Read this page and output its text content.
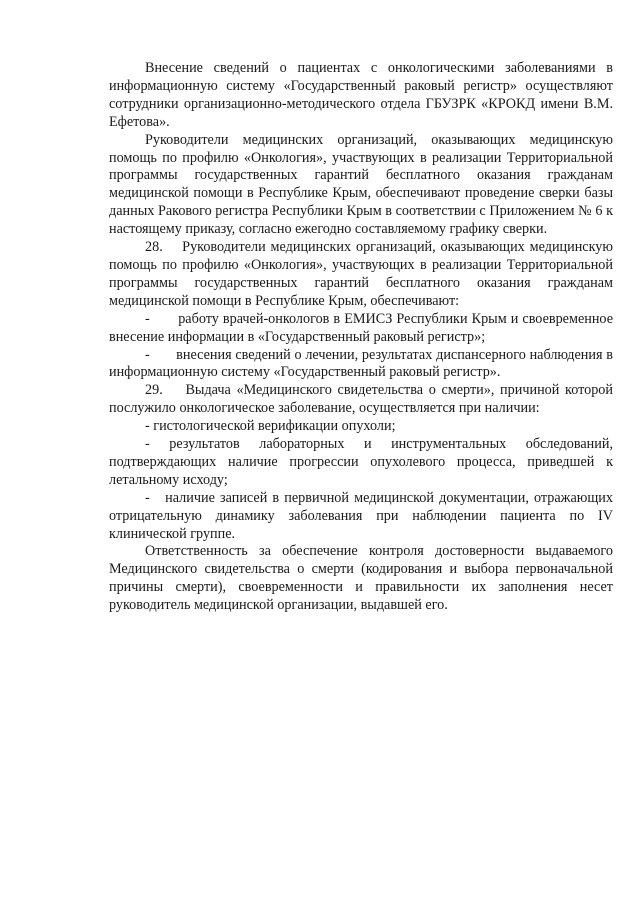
Внесение сведений о пациентах с онкологическими заболеваниями в информационную систему «Государственный раковый регистр» осуществляют сотрудники организационно-методического отдела ГБУЗРК «КРОКД имени В.М. Ефетова».

Руководители медицинских организаций, оказывающих медицинскую помощь по профилю «Онкология», участвующих в реализации Территориальной программы государственных гарантий бесплатного оказания гражданам медицинской помощи в Республике Крым, обеспечивают проведение сверки базы данных Ракового регистра Республики Крым в соответствии с Приложением № 6 к настоящему приказу, согласно ежегодно составляемому графику сверки.

28.    Руководители медицинских организаций, оказывающих медицинскую помощь по профилю «Онкология», участвующих в реализации Территориальной программы государственных гарантий бесплатного оказания гражданам медицинской помощи в Республике Крым, обеспечивают:

-       работу врачей-онкологов в ЕМИСЗ Республики Крым и своевременное внесение информации в «Государственный раковый регистр»;

-       внесения сведений о лечении, результатах диспансерного наблюдения в информационную систему «Государственный раковый регистр».

29.    Выдача «Медицинского свидетельства о смерти», причиной которой послужило онкологическое заболевание, осуществляется при наличии:

- гистологической верификации опухоли;

- результатов лабораторных и инструментальных обследований, подтверждающих наличие прогрессии опухолевого процесса, приведшей к летальному исходу;

-   наличие записей в первичной медицинской документации, отражающих отрицательную динамику заболевания при наблюдении пациента по IV клинической группе.

Ответственность за обеспечение контроля достоверности выдаваемого Медицинского свидетельства о смерти (кодирования и выбора первоначальной причины смерти), своевременности и правильности их заполнения несет руководитель медицинской организации, выдавшей его.
